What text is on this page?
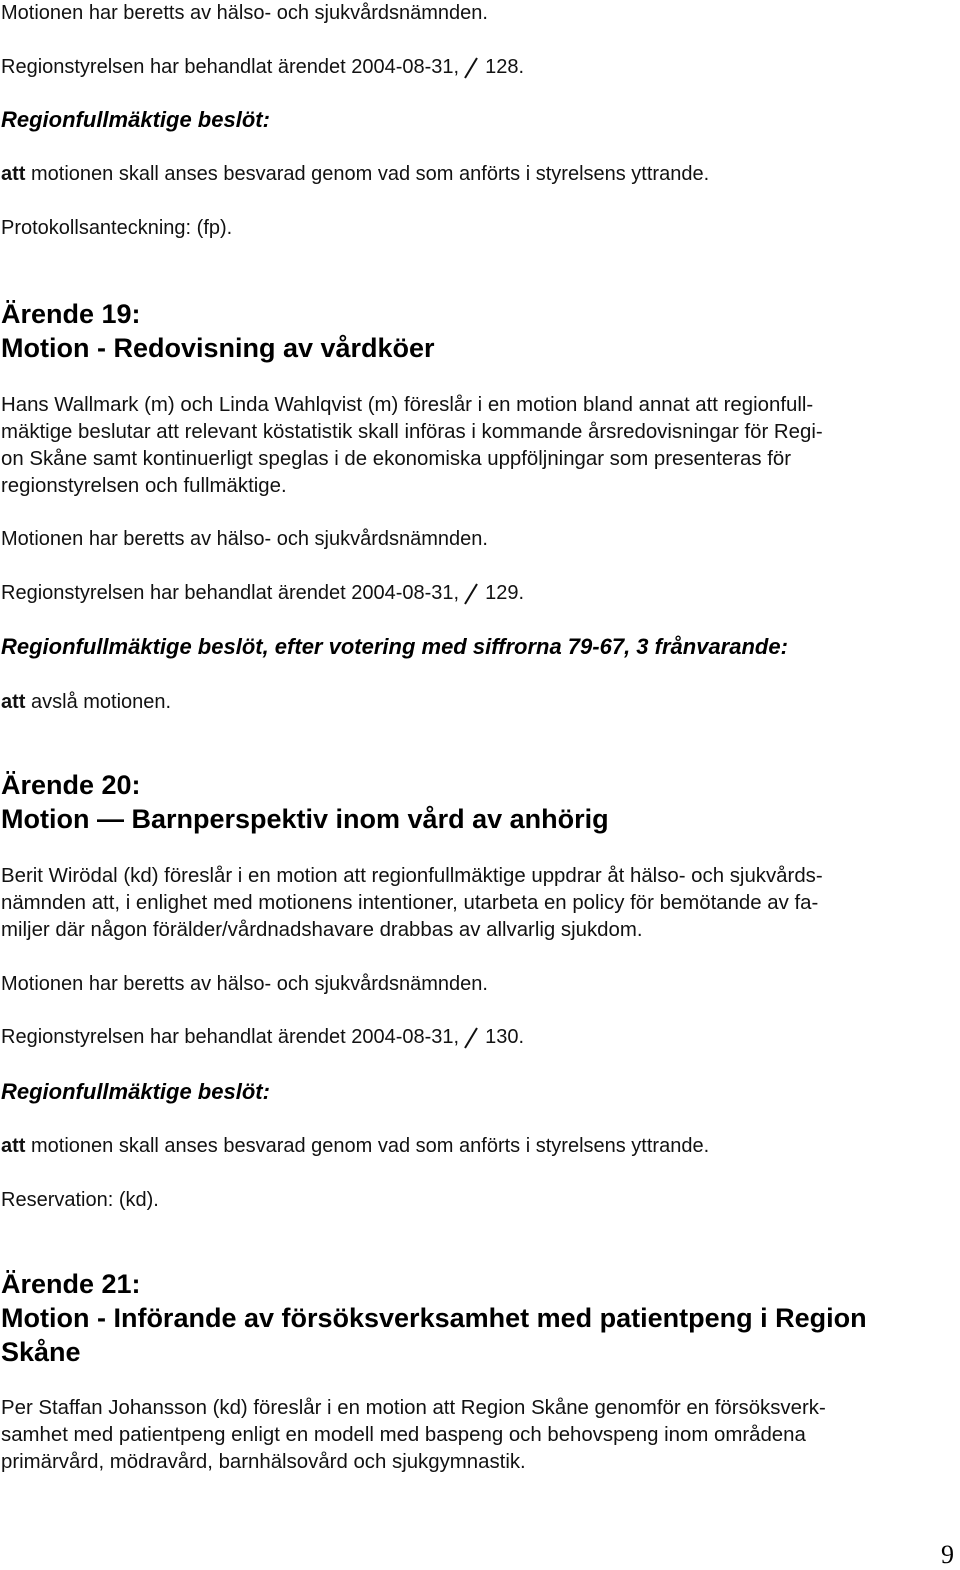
Motionen har beretts av hälso- och sjukvårdsnämnden.

Regionstyrelsen har behandlat ärendet 2004-08-31, 128.

Regionfullmäktige beslöt:

att motionen skall anses besvarad genom vad som anförts i styrelsens yttrande.

Protokollsanteckning: (fp).

Ärende 19:
Motion - Redovisning av vårdköer
Hans Wallmark (m) och Linda Wahlqvist (m) föreslår i en motion bland annat att regionfull-
mäktige beslutar att relevant köstatistik skall införas i kommande årsredovisningar för Regi-
on Skåne samt kontinuerligt speglas i de ekonomiska uppföljningar som presenteras för
regionstyrelsen och fullmäktige.

Motionen har beretts av hälso- och sjukvårdsnämnden.

Regionstyrelsen har behandlat ärendet 2004-08-31, 129.

Regionfullmäktige beslöt, efter votering med siffrorna 79-67, 3 frånvarande:

att avslå motionen.

Ärende 20:
Motion — Barnperspektiv inom vård av anhörig
Berit Wirödal (kd) föreslår i en motion att regionfullmäktige uppdrar åt hälso- och sjukvårds-
nämnden att, i enlighet med motionens intentioner, utarbeta en policy för bemötande av fa-
miljer där någon förälder/vårdnadshavare drabbas av allvarlig sjukdom.

Motionen har beretts av hälso- och sjukvårdsnämnden.

Regionstyrelsen har behandlat ärendet 2004-08-31, 130.

Regionfullmäktige beslöt:

att motionen skall anses besvarad genom vad som anförts i styrelsens yttrande.

Reservation: (kd).

Ärende 21:
Motion - Införande av försöksverksamhet med patientpeng i Region
Skåne
Per Staffan Johansson (kd) föreslår i en motion att Region Skåne genomför en försöksverk-
samhet med patientpeng enligt en modell med baspeng och behovspeng inom områdena
primärvård, mödravård, barnhälsovård och sjukgymnastik.
9
